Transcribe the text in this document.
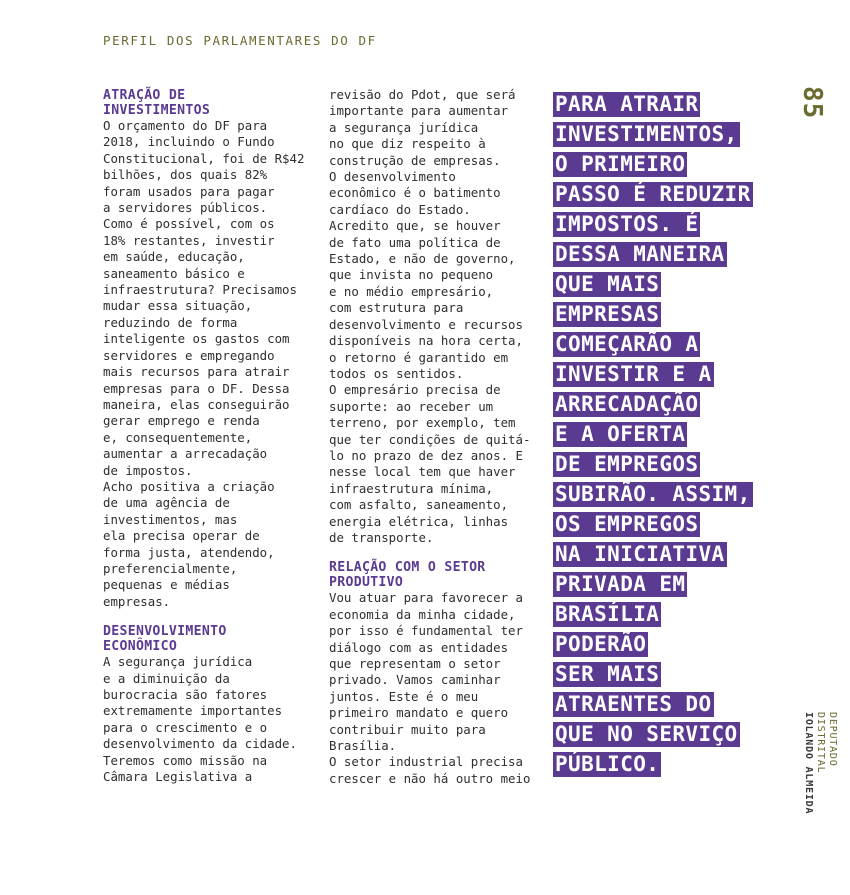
PERFIL DOS PARLAMENTARES DO DF
85
ATRAÇÃO DE
INVESTIMENTOS

O orçamento do DF para
2018, incluindo o Fundo
Constitucional, foi de R$42
bilhões, dos quais 82%
foram usados para pagar
a servidores públicos.
Como é possível, com os
18% restantes, investir
em saúde, educação,
saneamento básico e
infraestrutura? Precisamos
mudar essa situação,
reduzindo de forma
inteligente os gastos com
servidores e empregando
mais recursos para atrair
empresas para o DF. Dessa
maneira, elas conseguirão
gerar emprego e renda
e, consequentemente,
aumentar a arrecadação
de impostos.

Acho positiva a criação
de uma agência de
investimentos, mas
ela precisa operar de
forma justa, atendendo,
preferencialmente,
pequenas e médias
empresas.

DESENVOLVIMENTO
ECONÔMICO

A segurança jurídica
e a diminuição da
burocracia são fatores
extremamente importantes
para o crescimento e o
desenvolvimento da cidade.
Teremos como missão na
Câmara Legislativa a

revisão do Pdot, que será
importante para aumentar
a segurança jurídica
no que diz respeito à
construção de empresas.

O desenvolvimento
econômico é o batimento
cardíaco do Estado.
Acredito que, se houver
de fato uma política de
Estado, e não de governo,
que invista no pequeno
e no médio empresário,
com estrutura para
desenvolvimento e recursos
disponíveis na hora certa,
o retorno é garantido em
todos os sentidos.

O empresário precisa de
suporte: ao receber um
terreno, por exemplo, tem
que ter condições de quitá-
lo no prazo de dez anos. E
nesse local tem que haver
infraestrutura mínima,
com asfalto, saneamento,
energia elétrica, linhas
de transporte.

RELAÇÃO COM O SETOR
PRODUTIVO

Vou atuar para favorecer a
economia da minha cidade,
por isso é fundamental ter
diálogo com as entidades
que representam o setor
privado. Vamos caminhar
juntos. Este é o meu
primeiro mandato e quero
contribuir muito para
Brasília.

O setor industrial precisa
crescer e não há outro meio

PARA ATRAIR
INVESTIMENTOS,
O PRIMEIRO
PASSO É REDUZIR
IMPOSTOS. É
DESSA MANEIRA
QUE MAIS
EMPRESAS
COMEÇARÃO A
INVESTIR E A
ARRECADAÇÃO
E A OFERTA
DE EMPREGOS
SUBIRÃO. ASSIM,
OS EMPREGOS
NA INICIATIVA
PRIVADA EM
BRASÍLIA
PODERÃO
SER MAIS
ATRAENTES DO
QUE NO SERVIÇO
PÚBLICO.	DEPUTADO DISTRITAL
IOLANDO ALMEIDA
